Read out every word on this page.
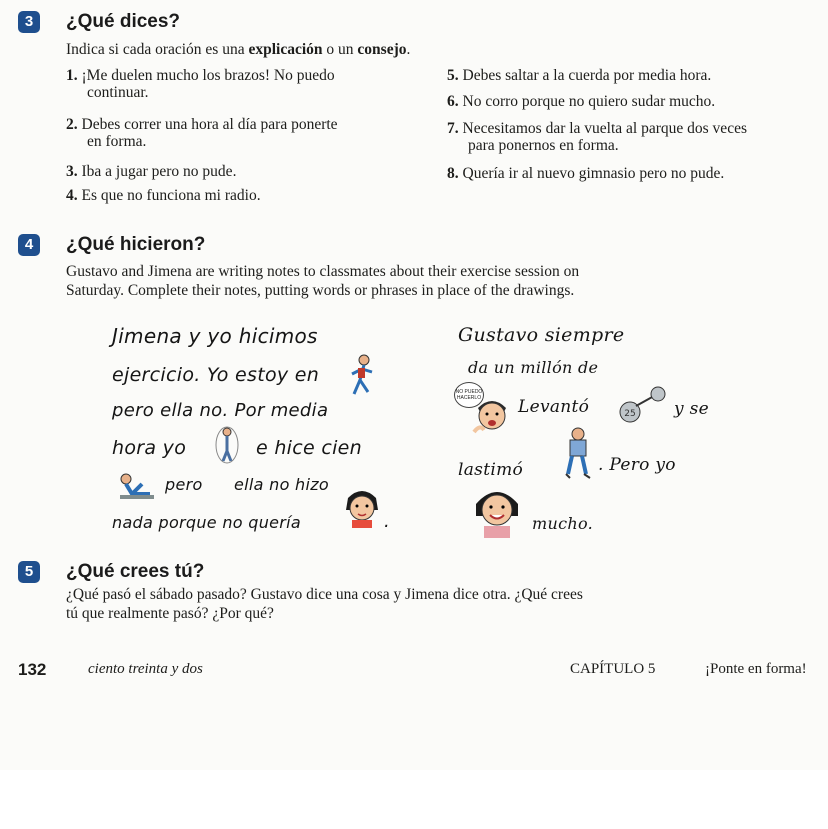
3	¿Qué dices?
Indica si cada oración es una explicación o un consejo.
1. ¡Me duelen mucho los brazos! No puedo
continuar.
2. Debes correr una hora al día para ponerte
en forma.
3. Iba a jugar pero no pude.
4. Es que no funciona mi radio.
5. Debes saltar a la cuerda por media hora.
6. No corro porque no quiero sudar mucho.
7. Necesitamos dar la vuelta al parque dos veces
para ponernos en forma.
8. Quería ir al nuevo gimnasio pero no pude.
4	¿Qué hicieron?
Gustavo and Jimena are writing notes to classmates about their exercise session on
Saturday. Complete their notes, putting words or phrases in place of the drawings.
Jimena y yo hicimos
ejercicio. Yo estoy en
pero ella no. Por media
hora yo	e hice cien
pero ella no hizo
nada porque no quería	.
Gustavo siempre
da un millón de
Levantó	y se
lastimó	. Pero yo
mucho.
NO PUEDO HACERLO
25
5	¿Qué crees tú?
¿Qué pasó el sábado pasado? Gustavo dice una cosa y Jimena dice otra. ¿Qué crees
tú que realmente pasó? ¿Por qué?
132	ciento treinta y dos	CAPÍTULO 5	¡Ponte en forma!
